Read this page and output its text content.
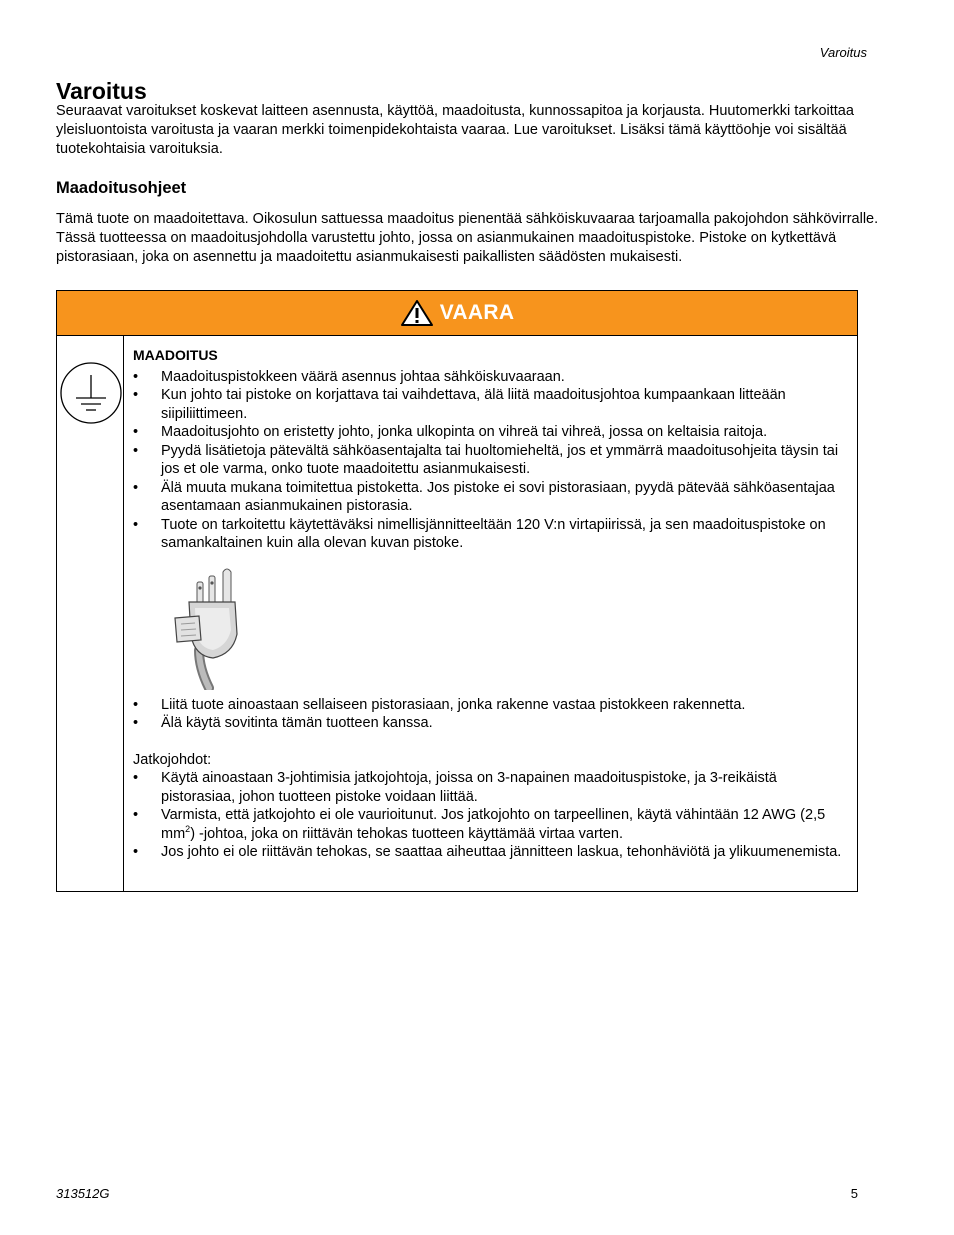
Varoitus
Varoitus

Seuraavat varoitukset koskevat laitteen asennusta, käyttöä, maadoitusta, kunnossapitoa ja korjausta. Huutomerkki tarkoittaa yleisluontoista varoitusta ja vaaran merkki toimenpidekohtaista vaaraa. Lue varoitukset. Lisäksi tämä käyttöohje voi sisältää tuotekohtaisia varoituksia.

Maadoitusohjeet

Tämä tuote on maadoitettava. Oikosulun sattuessa maadoitus pienentää sähköiskuvaaraa tarjoamalla pakojohdon sähkövirralle. Tässä tuotteessa on maadoitusjohdolla varustettu johto, jossa on asianmukainen maadoituspistoke. Pistoke on kytkettävä pistorasiaan, joka on asennettu ja maadoitettu asianmukaisesti paikallisten säädösten mukaisesti.

VAARA
MAADOITUS
• Maadoituspistokkeen väärä asennus johtaa sähköiskuvaaraan.
• Kun johto tai pistoke on korjattava tai vaihdettava, älä liitä maadoitusjohtoa kumpaankaan litteään siipiliittimeen.
• Maadoitusjohto on eristetty johto, jonka ulkopinta on vihreä tai vihreä, jossa on keltaisia raitoja.
• Pyydä lisätietoja pätevältä sähköasentajalta tai huoltomieheltä, jos et ymmärrä maadoitusohjeita täysin tai jos et ole varma, onko tuote maadoitettu asianmukaisesti.
• Älä muuta mukana toimitettua pistoketta. Jos pistoke ei sovi pistorasiaan, pyydä pätevää sähköasentajaa asentamaan asianmukainen pistorasia.
• Tuote on tarkoitettu käytettäväksi nimellisjännitteeltään 120 V:n virtapiirissä, ja sen maadoituspistoke on samankaltainen kuin alla olevan kuvan pistoke.
• Liitä tuote ainoastaan sellaiseen pistorasiaan, jonka rakenne vastaa pistokkeen rakennetta.
• Älä käytä sovitinta tämän tuotteen kanssa.
Jatkojohdot:
• Käytä ainoastaan 3-johtimisia jatkojohtoja, joissa on 3-napainen maadoituspistoke, ja 3-reikäistä pistorasiaa, johon tuotteen pistoke voidaan liittää.
• Varmista, että jatkojohto ei ole vaurioitunut. Jos jatkojohto on tarpeellinen, käytä vähintään 12 AWG (2,5 $mm^2$) -johtoa, joka on riittävän tehokas tuotteen käyttämää virtaa varten.
• Jos johto ei ole riittävän tehokas, se saattaa aiheuttaa jännitteen laskua, tehonhäviötä ja ylikuumenemista.
313512G	5
